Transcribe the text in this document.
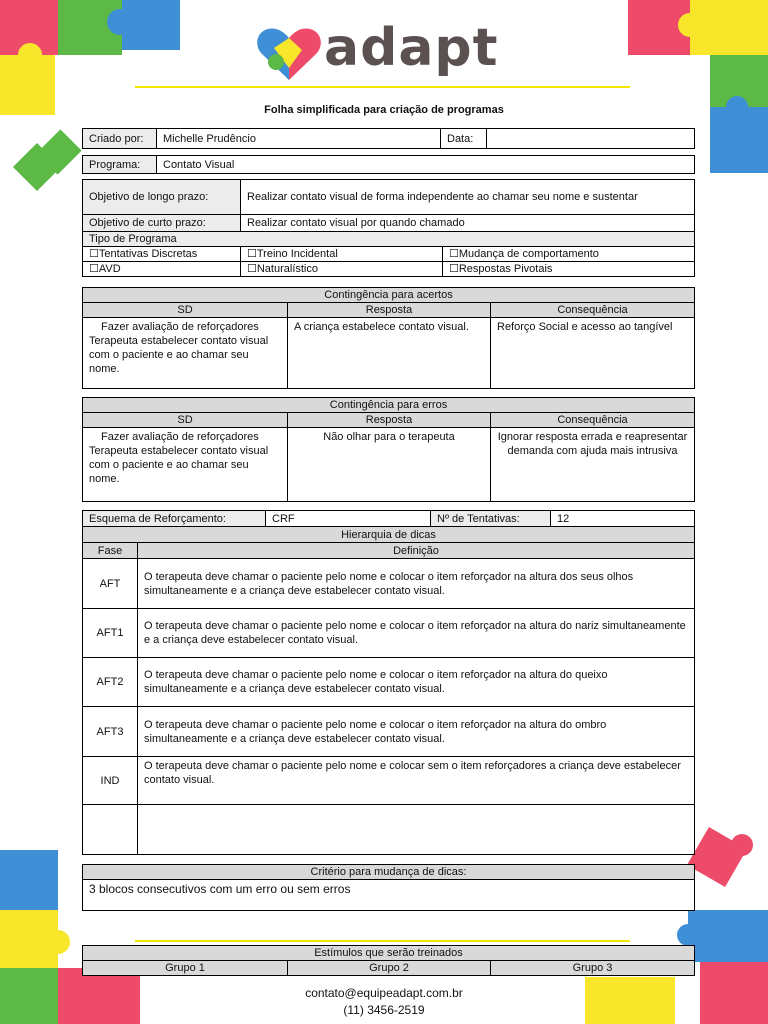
adapt
Folha simplificada para criação de programas
Criado por:	Michelle Prudêncio	Data:	
Programa:	Contato Visual
Objetivo de longo prazo:	Realizar contato visual de forma independente ao chamar seu nome e sustentar	
Objetivo de curto prazo:	Realizar contato visual por quando chamado	
Tipo de Programa		
☐Tentativas Discretas	☐Treino Incidental	☐Mudança de comportamento
☐AVD	☐Naturalístico	☐Respostas Pivotais
Contingência para acertos		
SD	Resposta	Consequência
Fazer avaliação de reforçadores Terapeuta estabelecer contato visual com o paciente e ao chamar seu nome.	A criança estabelece contato visual.	Reforço Social e acesso ao tangível
Contingência para erros		
SD	Resposta	Consequência
Fazer avaliação de reforçadores Terapeuta estabelecer contato visual com o paciente e ao chamar seu nome.	Não olhar para o terapeuta	Ignorar resposta errada e reapresentar demanda com ajuda mais intrusiva
Esquema de Reforçamento:		CRF	Nº de Tentativas:	12
Hierarquia de dicas				
Fase	Definição			
AFT	O terapeuta deve chamar o paciente pelo nome e colocar o item reforçador na altura dos seus olhos simultaneamente e a criança deve estabelecer contato visual.			
AFT1	O terapeuta deve chamar o paciente pelo nome e colocar o item reforçador na altura do nariz simultaneamente e a criança deve estabelecer contato visual.			
AFT2	O terapeuta deve chamar o paciente pelo nome e colocar o item reforçador na altura do queixo simultaneamente e a criança deve estabelecer contato visual.			
AFT3	O terapeuta deve chamar o paciente pelo nome e colocar o item reforçador na altura do ombro simultaneamente e a criança deve estabelecer contato visual.			
IND	O terapeuta deve chamar o paciente pelo nome e colocar sem o item reforçadores a criança deve estabelecer contato visual.			

Critério para mudança de dicas:
3 blocos consecutivos com um erro ou sem erros
Estímulos que serão treinados
Grupo 1	Grupo 2	Grupo 3
contato@equipeadapt.com.br
(11) 3456-2519
